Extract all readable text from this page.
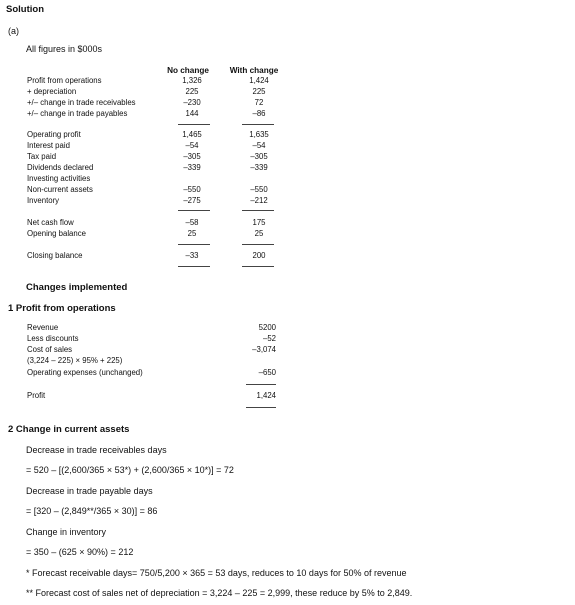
Solution
(a)
All figures in $000s
No change	With change
Profit from operations	1,326	1,424
+ depreciation	225	225
+/– change in trade receivables	–230	72
+/– change in trade payables	144	–86
Operating profit	1,465	1,635
Interest paid	–54	–54
Tax paid	–305	–305
Dividends declared	–339	–339
Investing activities
Non-current assets	–550	–550
Inventory	–275	–212
Net cash flow	–58	175
Opening balance	25	25
Closing balance	–33	200
Changes implemented
1 Profit from operations
Revenue	5200
Less discounts	–52
Cost of sales	–3,074
(3,224 – 225) × 95% + 225)
Operating expenses (unchanged)	–650
Profit	1,424
2 Change in current assets
Decrease in trade receivables days
= 520 – [(2,600/365 × 53*) + (2,600/365 × 10*)] = 72
Decrease in trade payable days
= [320 – (2,849**/365 × 30)] = 86
Change in inventory
= 350 – (625 × 90%) = 212
* Forecast receivable days= 750/5,200 × 365 = 53 days, reduces to 10 days for 50% of revenue
** Forecast cost of sales net of depreciation = 3,224 – 225 = 2,999, these reduce by 5% to 2,849.
